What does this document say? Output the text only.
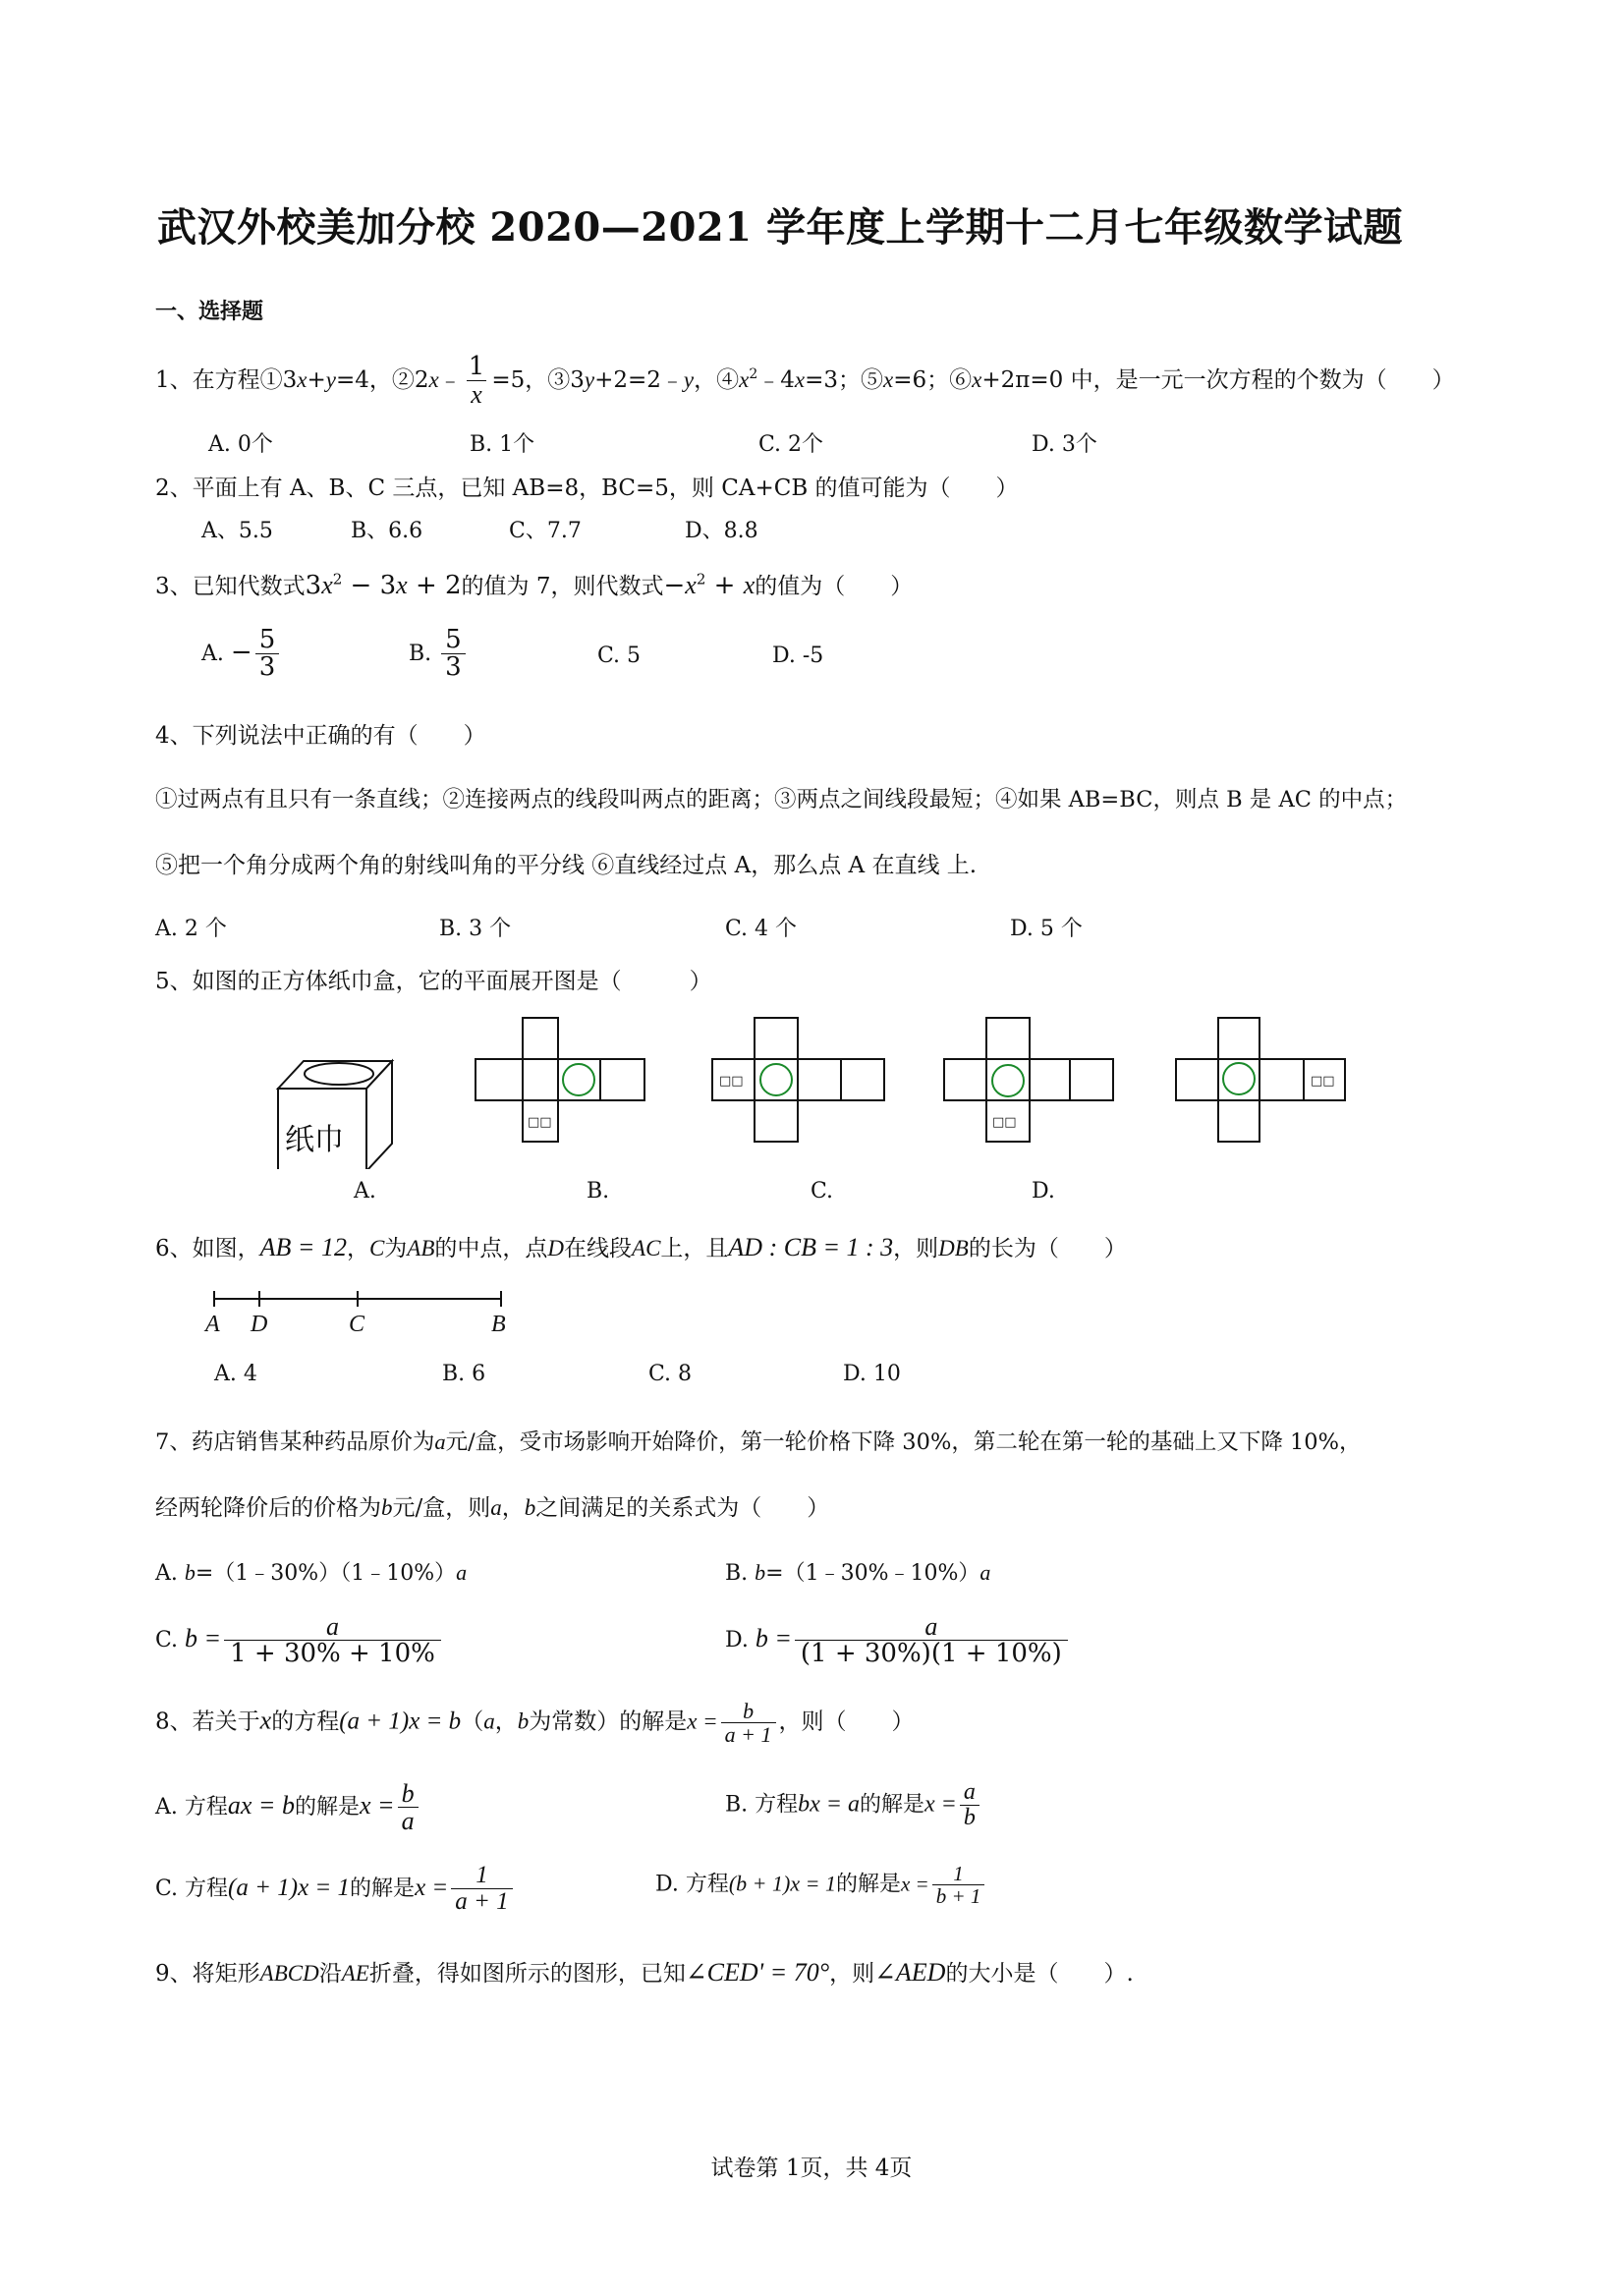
武汉外校美加分校 2020—2021 学年度上学期十二月七年级数学试题
一、选择题
1、在方程①3x+y=4，②2x﹣ $\frac{1}{x} =5$，③3y+2=2﹣y，$④x^2﹣4x=3$；⑤x=6；⑥x+2π=0 中，是一元一次方程的个数为（　　）
A. 0个	B. 1个	C. 2个	D. 3个
2、平面上有 A、B、C 三点，已知 AB=8，BC=5，则 CA+CB 的值可能为（　　）
A、5.5	B、6.6	C、7.7	D、8.8
3、已知代数式$3x^2 - 3x + 2$的值为 7，则代数式$-x^2 + x$的值为（　　）
A. − $\frac{5}{3}$	B. $\frac{5}{3}$	C. 5	D. -5
4、下列说法中正确的有（　　）
①过两点有且只有一条直线；②连接两点的线段叫两点的距离；③两点之间线段最短；④如果 AB=BC，则点 B 是 AC 的中点；
⑤把一个角分成两个角的射线叫角的平分线 ⑥直线经过点 A，那么点 A 在直线 上.
A. 2 个	B. 3 个	C. 4 个	D. 5 个
5、如图的正方体纸巾盒，它的平面展开图是（　　　）
纸巾
□□
□□
□□
□□
A.	B.	C.	D.
6、如图，AB = 12，C为AB的中点，点D在线段AC上，且AD : CB = 1 : 3，则DB的长为（　　）
A D	C	B
A. 4	B. 6	C. 8	D. 10
7、药店销售某种药品原价为a元/盒，受市场影响开始降价，第一轮价格下降 30%，第二轮在第一轮的基础上又下降 10%，
经两轮降价后的价格为b元/盒，则a，b之间满足的关系式为（　　）
A. b=（1﹣30%）（1﹣10%）a	B. b=（1﹣30%﹣10%）a
C. $b = \frac{a}{1 + 30\% + 10\%}$	D. $b = \frac{a}{(1 + 30\%)(1 + 10\%)}$
8、若关于x的方程(a + 1)x = b（a，b为常数）的解是$x = \frac{b}{a + 1}$ ，则（　　）
A. 方程ax = b的解是$x = \frac{b}{a}$	B. 方程bx = a的解是$x = \frac{a}{b}$
C. 方程(a + 1)x = 1的解是$x = \frac{1}{a + 1}$	D. 方程(b + 1)x = 1的解是$x = \frac{1}{b + 1}$
9、将矩形ABCD沿AE折叠，得如图所示的图形，已知∠CED' = 70°，则∠AED的大小是（　　）.
试卷第 1页，共 4页
